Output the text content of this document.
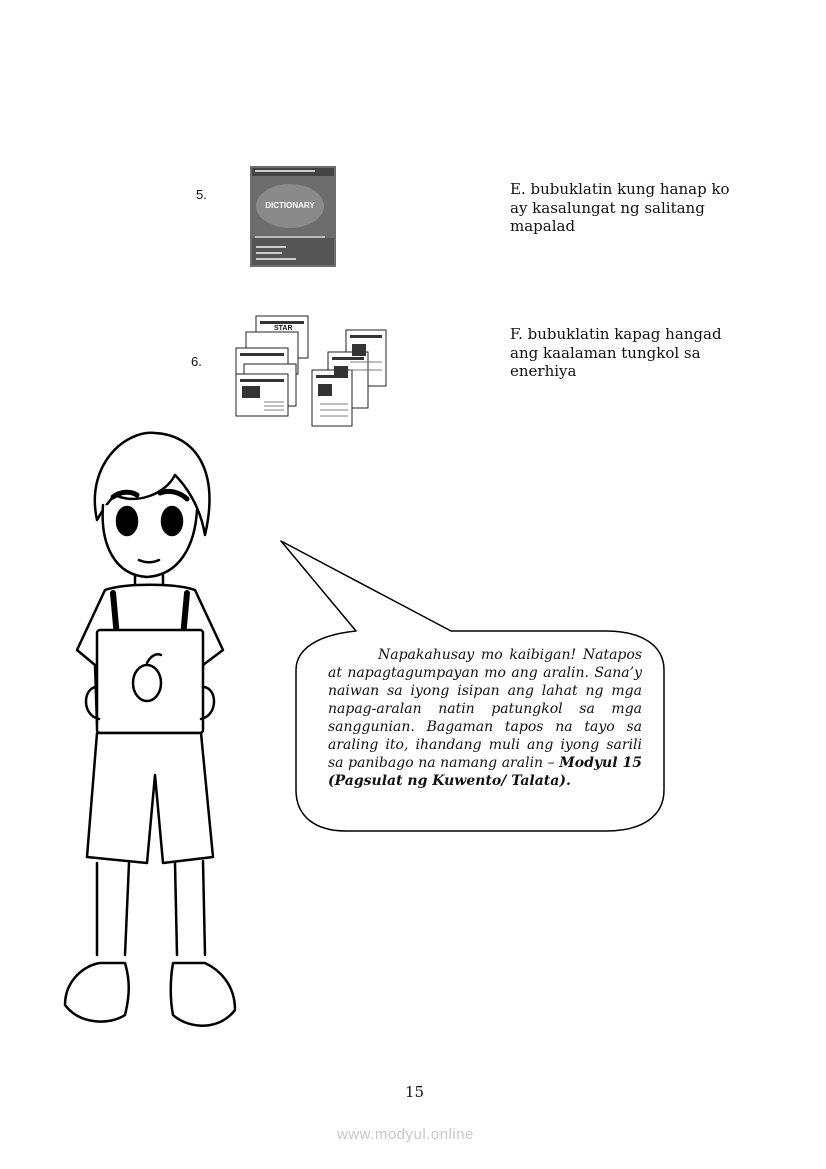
5.
DICTIONARY
E. bubuklatin kung hanap ko ay kasalungat ng salitang mapalad
6.
STAR	F. bubuklatin kapag hangad ang kaalaman tungkol sa enerhiya
Napakahusay mo kaibigan! Natapos at napagtagumpayan mo ang aralin. Sana’y naiwan sa iyong isipan ang lahat ng mga napag-aralan natin patungkol sa mga sanggunian. Bagaman tapos na tayo sa araling ito, ihandang muli ang iyong sarili sa panibago na namang aralin – Modyul 15 (Pagsulat ng Kuwento/ Talata).
15
www.modyul.online
